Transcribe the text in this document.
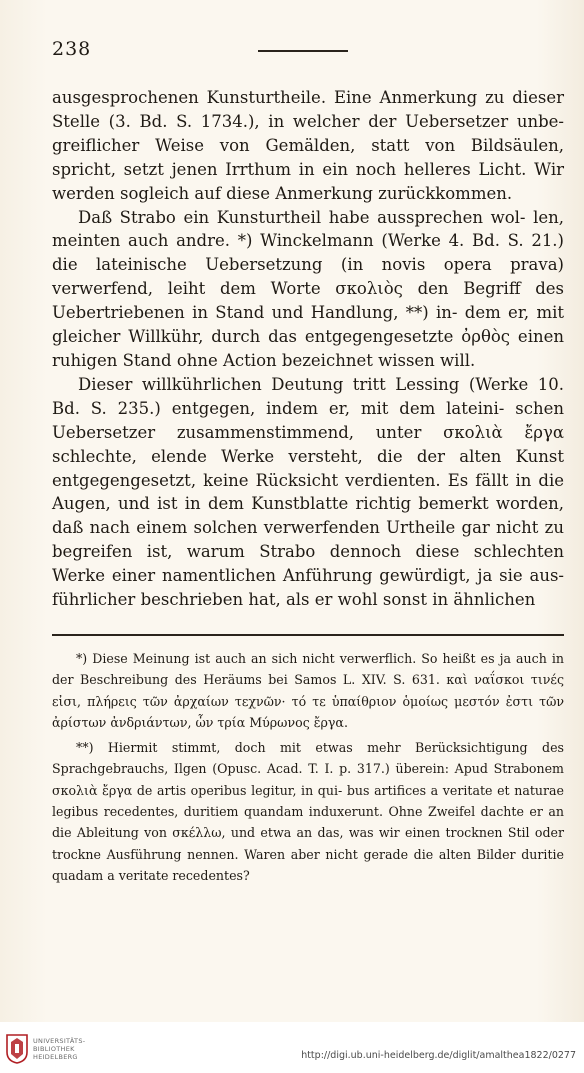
238

ausgesprochenen Kunsturtheile. Eine Anmerkung zu dieser Stelle (3. Bd. S. 1734.), in welcher der Uebersetzer unbe- greiflicher Weise von Gemälden, statt von Bildsäulen, spricht, setzt jenen Irrthum in ein noch helleres Licht. Wir werden sogleich auf diese Anmerkung zurückkommen.

Daß Strabo ein Kunsturtheil habe aussprechen wol- len, meinten auch andre. *) Winckelmann (Werke 4. Bd. S. 21.) die lateinische Uebersetzung (in novis opera prava) verwerfend, leiht dem Worte σκολιὸς den Begriff des Uebertriebenen in Stand und Handlung, **) in- dem er, mit gleicher Willkühr, durch das entgegengesetzte ὀρθὸς einen ruhigen Stand ohne Action bezeichnet wissen will.

Dieser willkührlichen Deutung tritt Lessing (Werke 10. Bd. S. 235.) entgegen, indem er, mit dem lateini- schen Uebersetzer zusammenstimmend, unter σκολιὰ ἔργα schlechte, elende Werke versteht, die der alten Kunst entgegengesetzt, keine Rücksicht verdienten. Es fällt in die Augen, und ist in dem Kunstblatte richtig bemerkt worden, daß nach einem solchen verwerfenden Urtheile gar nicht zu begreifen ist, warum Strabo dennoch diese schlechten Werke einer namentlichen Anführung gewürdigt, ja sie aus- führlicher beschrieben hat, als er wohl sonst in ähnlichen

*) Diese Meinung ist auch an sich nicht verwerflich. So heißt es ja auch in der Beschreibung des Heräums bei Samos L. XIV. S. 631. καὶ ναΐσκοι τινές εἰσι, πλήρεις τῶν ἀρχαίων τεχνῶν· τό τε ὑπαίθριον ὁμοίως μεστόν ἐστι τῶν ἀρίστων ἀνδριάντων, ὧν τρία Μύρωνος ἔργα.

**) Hiermit stimmt, doch mit etwas mehr Berücksichtigung des Sprachgebrauchs, Ilgen (Opusc. Acad. T. I. p. 317.) überein: Apud Strabonem σκολιὰ ἔργα de artis operibus legitur, in qui- bus artifices a veritate et naturae legibus recedentes, duritiem quandam induxerunt. Ohne Zweifel dachte er an die Ableitung von σκέλλω, und etwa an das, was wir einen trocknen Stil oder trockne Ausführung nennen. Waren aber nicht gerade die alten Bilder duritie quadam a veritate recedentes?

UNIVERSITÄTS-
BIBLIOTHEK
HEIDELBERG	http://digi.ub.uni-heidelberg.de/diglit/amalthea1822/0277
